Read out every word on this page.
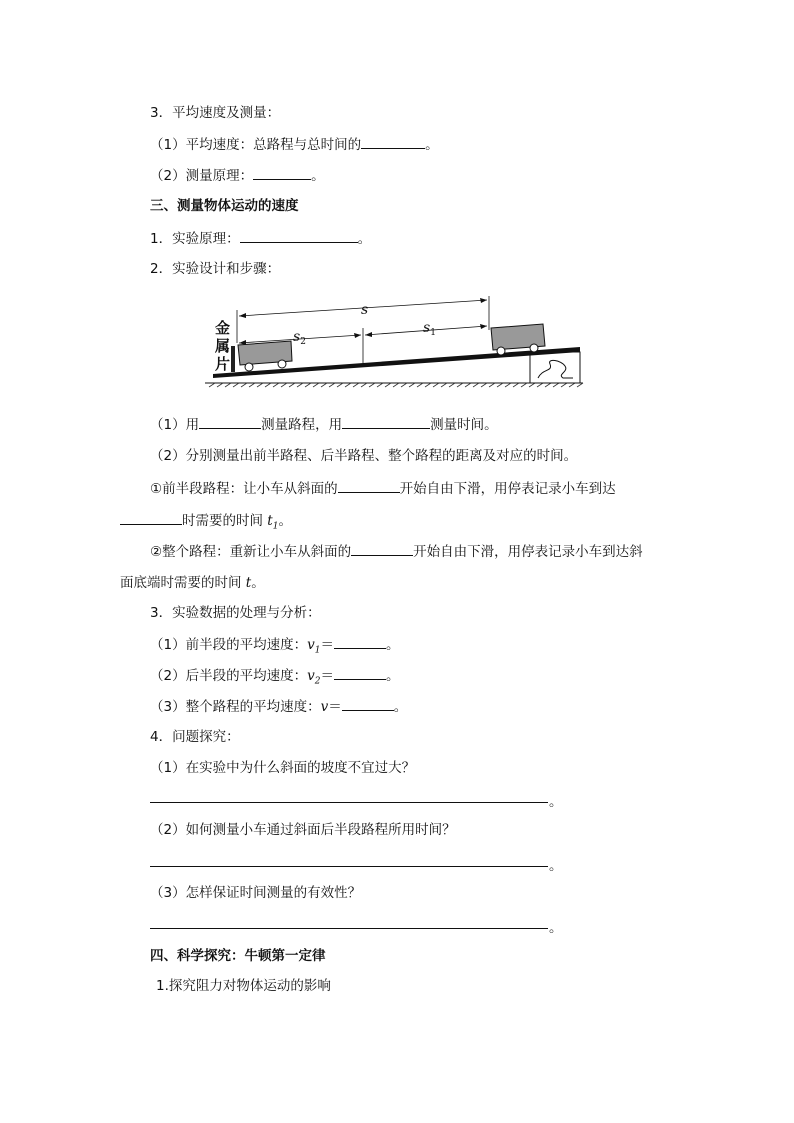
3．平均速度及测量：
（1）平均速度：总路程与总时间的	。
（2）测量原理：	。
三、测量物体运动的速度
1．实验原理：	。
2．实验设计和步骤：
s
$s_2$
$s_1$
金
属
片
（1）用	测量路程，用	测量时间。
（2）分别测量出前半路程、后半路程、整个路程的距离及对应的时间。
①前半段路程：让小车从斜面的	开始自由下滑，用停表记录小车到达
时需要的时间 $t_1$。
②整个路程：重新让小车从斜面的	开始自由下滑，用停表记录小车到达斜
面底端时需要的时间 t。
3．实验数据的处理与分析：
（1）前半段的平均速度：$v_1=$	。
（2）后半段的平均速度：$v_2=$	。
（3）整个路程的平均速度：v＝	。
4．问题探究：
（1）在实验中为什么斜面的坡度不宜过大？
。
（2）如何测量小车通过斜面后半段路程所用时间？
。
（3）怎样保证时间测量的有效性？
。
四、科学探究：牛顿第一定律
1.探究阻力对物体运动的影响
